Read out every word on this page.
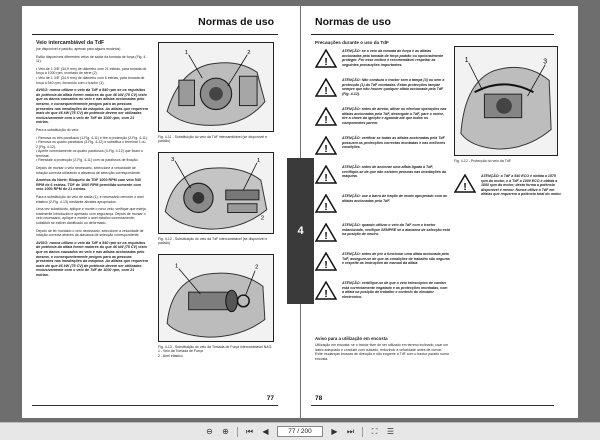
Normas de uso
Veio intercambiável da TdF
(se disponível e padrão, apenas para alguns modelos)

Estão disponíveis diferentes veios de saída da tomada de força (Fig. 4-11):

• Veio de 1 3/8" (34,9 mm) de diâmetro com 21 estrias, para tomada de força a 1000 rpm, montado de série (2).
• Veio de 1 3/8" (34,9 mm) de diâmetro com 6 estrias, para tomada de força a 540 rpm, fornecido com o tractor (1).

AVISO: nunca utilizar o veio da TdF a 540 rpm se os requisitos de potência da alfaia forem maiores do que 46 kW (75 CV) visto que os danos causados no veio e nas alfaias accionadas pelo mesmo, e consequentemente perigos para as pessoas presentes nas imediações da máquina. As alfaias que requerem mais do que 46 kW (75 CV) de potência devem ser utilizadas exclusivamente com o veio de TdF de 1000 rpm, com 21 estrias.

Para a substituição do veio:

• Remova os três parafusos (1-Fig. 4-11) e tire a protecção (2-Fig. 4-11).
• Remova os quatro parafusos (3-Fig. 4-12) e substitua o terminal 1 ou 2 (Fig. 4-12).
• Aperte correctamente os quatro parafusos (3-Fig. 4-12) que fixam o terminal.
• Reinstale a protecção (2-Fig. 4-11) com os parafusos de fixação.

Depois de montar o veio necessário, seleccione a velocidade de rotação correcta utilizando a alavanca de selecção correspondente.

América do Norte: Bloqueio da TDF 1000 RPM com veio 540 RPM de 6 estrias. TDF de 1000 RPM permitida somente com veio 1000 RPM de 21 estrias.

Para a substituição do veio de saída (1), é necessário remover o anel elástico (2-Fig. 4-13) mediante alicates apropriados.

Uma vez substituído, aplique e monte o novo veio; verifique que esteja totalmente introduzido e apertado com segurança. Depois de montar o veio necessário, aplique e monte o anel elástico correctamente; substituir se estiver danificado ou deformado.

Depois de ter montado o veio necessário, seleccione a velocidade de rotação correcta através da alavanca de selecção correspondente.

AVISO: nunca utilizar o veio da TdF a 540 rpm se os requisitos de potência da alfaia forem maiores do que 46 kW (75 CV) visto que os danos causados no veio e nas alfaias accionadas pelo mesmo, e consequentemente perigos para as pessoas presentes nas imediações da máquina. As alfaias que requerem mais do que 46 kW (75 CV) de potência devem ser utilizadas exclusivamente com o veio de TdF de 1000 rpm, com 21 estrias.

1	2
Fig. 4-11 - Substituição do veio da TdF intercambiável (se disponível e padrão)
3	1
2
Fig. 4-12 - Substituição do veio da TdF intercambiável (se disponível e padrão)
1	2
Fig. 4-13 - Substituição do veio da Tomada de Força intercambiável NAO.
1 - Veio da Tomada de Força
2 - Anel elástico
77
Normas de uso
Precauções durante o uso da TdF
!
ATENÇÃO: se o veio da tomada de força e as alfaias accionadas pela tomada de força padrão ou opcionalmente proteger. Por esse motivo é recomendável respeitar as seguintes precauções importantes.
!
ATENÇÃO: Não conduza o tractor sem a tampa (3) ou sem a protecção (1) da TdF montadas. Estas protecções tampar sempre que não houver qualquer alfaia accionada pela TdF (Fig. 4-12).
!
ATENÇÃO: antes de atrelar, afinar ou efectuar operações nas alfaias accionadas pela TdF, desengate a TdF, pare o motor, tire a chave da ignição e aguarde até que todos os componentes parem.
!
ATENÇÃO: verificar se todas as alfaias accionadas pela TdF possuem as protecções correctas montadas e nas melhores condições.
!
ATENÇÃO: antes de accionar uma alfaia ligada à TdF, certifique-se de que não existem pessoas nas imediações da máquina.
!
ATENÇÃO: use a barra de tração de modo apropriado com as alfaias accionadas pela TdF.
!
ATENÇÃO: quando utilizar o veio da TdF com o tractor estacionado, verifique SEMPRE se a alavanca de selecção está na posição de neutro.
!
ATENÇÃO: antes de pôr a funcionar uma alfaia accionada pela TdF, assegure-se de que as condições de trabalho são seguras e respeite as instruções do manual da alfaia.
!
ATENÇÃO: certifique-se de que o veio telescópico de cardan está correctamente engatado e as protecções montadas, com a alfaia na posição de trabalho e controlo do elevador electrónico.
Aviso para a utilização em encosta

Utilização em encosta: se o tractor tiver de ser utilizado em terreno inclinado, usar um lastro adequado e conduzir com cuidado, reduzindo a velocidade antes de curvar. Evite mudanças bruscas de direcção e não engrene a TdF com o tractor parado numa encosta.

1	3
Fig. 4-12 - Protecção do veio da TdF
!
ATENÇÃO: a TdF a 540 ECO é obtida a 1575 rpm do motor, e a TdF a 1000 ECO é obtida a 1800 rpm do motor; desta forma a potência disponível é menor. Nunca utilize a TdF em alfaias que requerem a potência total do motor.
78
4
⊖ ⊕ ⏮ ◀	77 / 200	▶ ⏭ ⛶ ☰
